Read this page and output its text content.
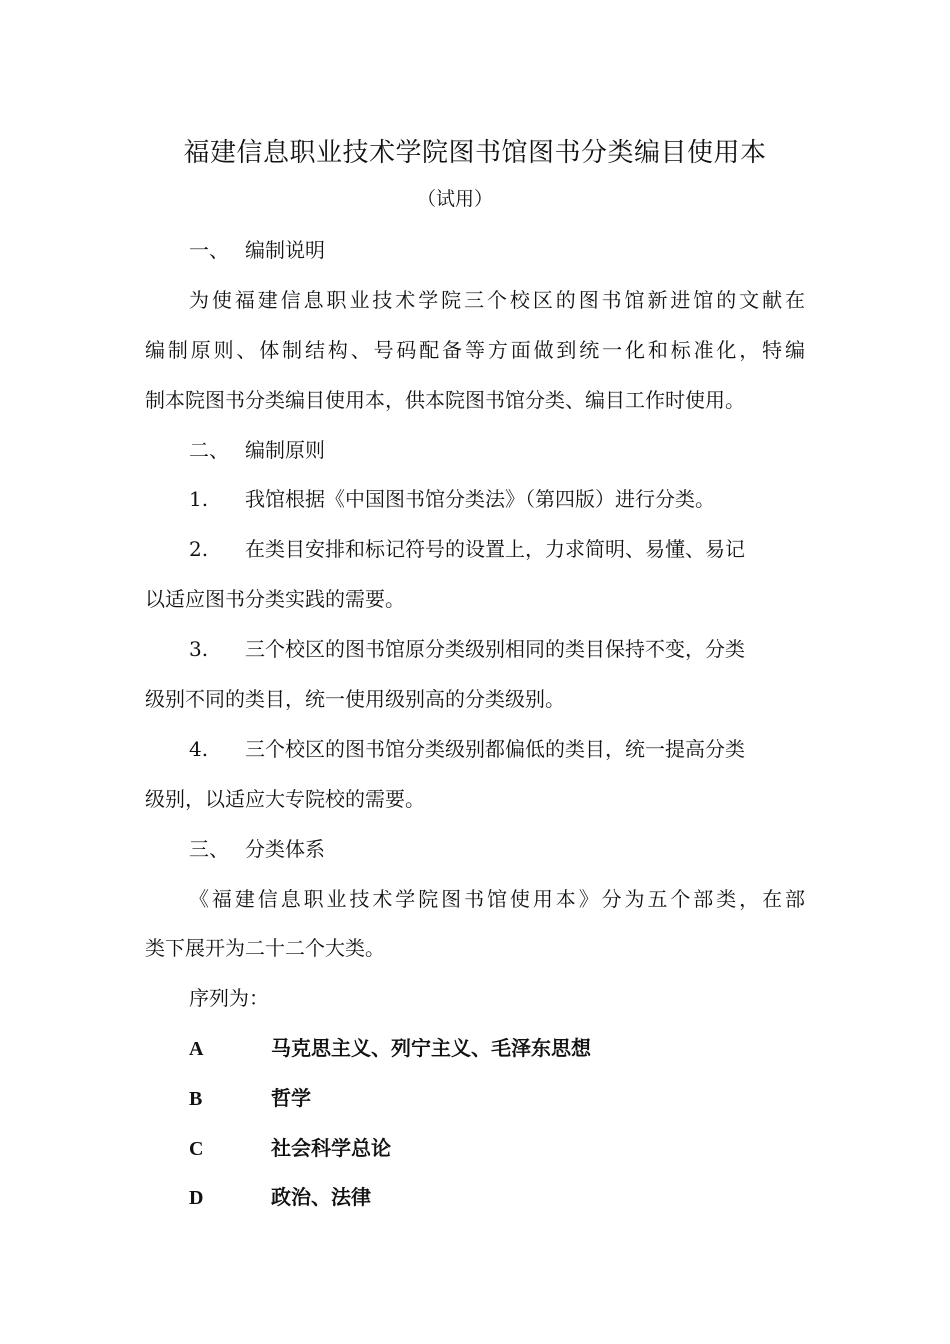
福建信息职业技术学院图书馆图书分类编目使用本
（试用）
一、 编制说明
为使福建信息职业技术学院三个校区的图书馆新进馆的文献在
编制原则、体制结构、号码配备等方面做到统一化和标准化，特编
制本院图书分类编目使用本，供本院图书馆分类、编目工作时使用。
二、 编制原则
1. 我馆根据《中国图书馆分类法》（第四版）进行分类。
2. 在类目安排和标记符号的设置上，力求简明、易懂、易记
以适应图书分类实践的需要。
3. 三个校区的图书馆原分类级别相同的类目保持不变，分类
级别不同的类目，统一使用级别高的分类级别。
4. 三个校区的图书馆分类级别都偏低的类目，统一提高分类
级别，以适应大专院校的需要。
三、 分类体系
《福建信息职业技术学院图书馆使用本》分为五个部类，在部
类下展开为二十二个大类。
序列为：
A	马克思主义、列宁主义、毛泽东思想
B	哲学
C	社会科学总论
D	政治、法律
